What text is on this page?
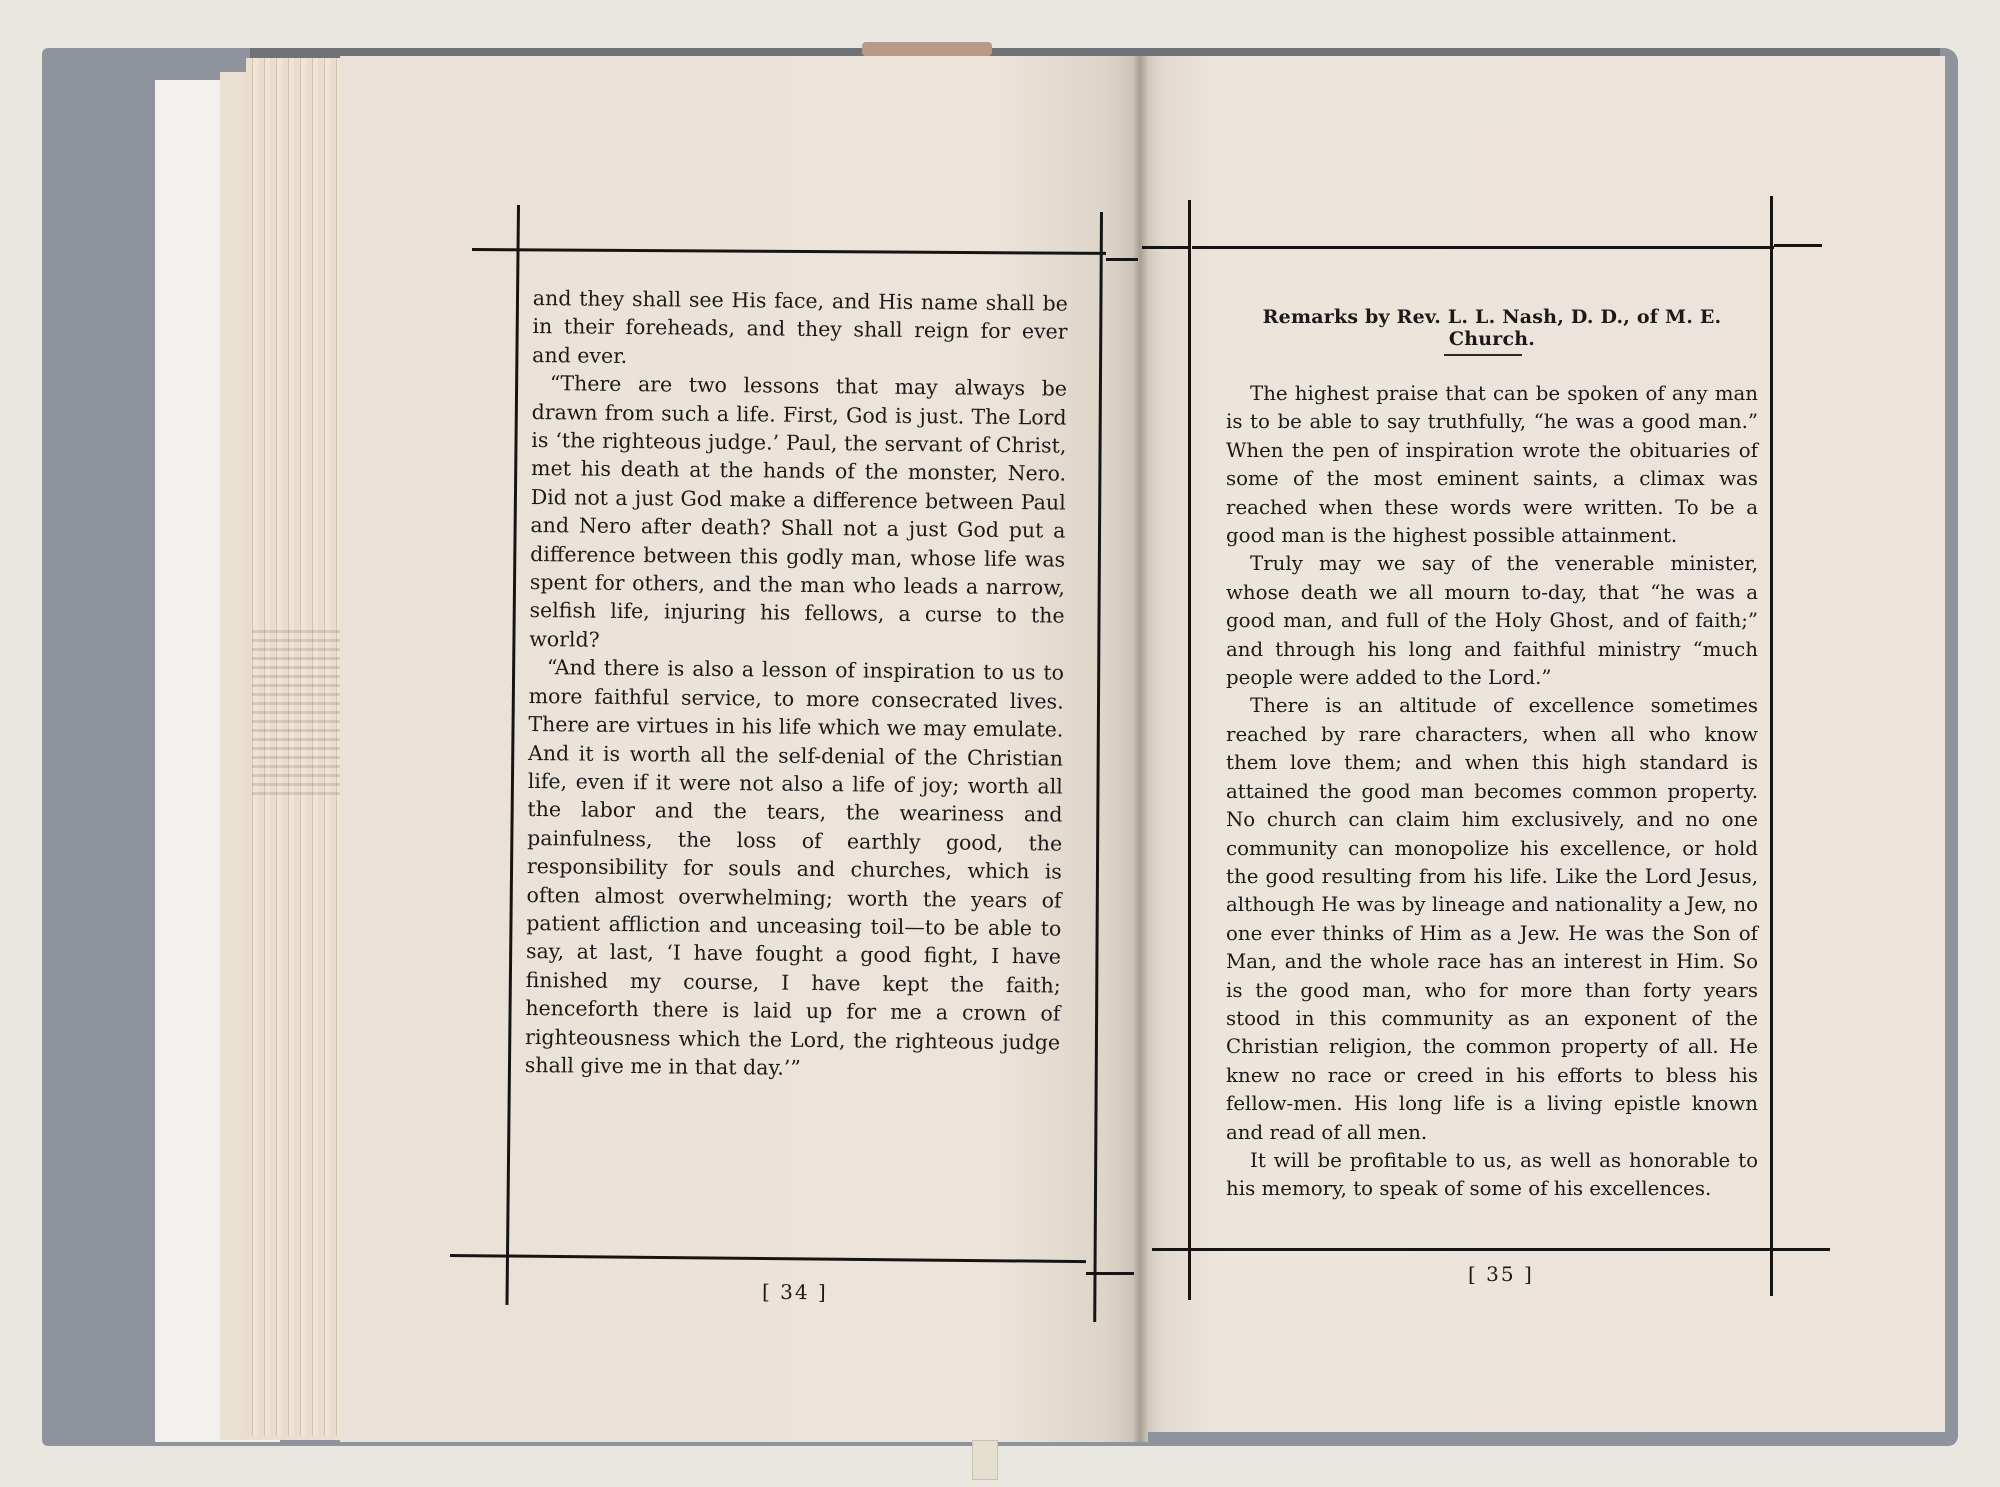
and they shall see His face, and His name shall be in their foreheads, and they shall reign for ever and ever.

“There are two lessons that may always be drawn from such a life. First, God is just. The Lord is ‘the righteous judge.’ Paul, the servant of Christ, met his death at the hands of the monster, Nero. Did not a just God make a difference between Paul and Nero after death? Shall not a just God put a difference between this godly man, whose life was spent for others, and the man who leads a narrow, selfish life, injuring his fellows, a curse to the world?

“And there is also a lesson of inspiration to us to more faithful service, to more consecrated lives. There are virtues in his life which we may emulate. And it is worth all the self-denial of the Christian life, even if it were not also a life of joy; worth all the labor and the tears, the weariness and painfulness, the loss of earthly good, the responsibility for souls and churches, which is often almost overwhelming; worth the years of patient affliction and unceasing toil—to be able to say, at last, ‘I have fought a good fight, I have finished my course, I have kept the faith; henceforth there is laid up for me a crown of righteousness which the Lord, the righteous judge shall give me in that day.’”

[ 34 ]
Remarks by Rev. L. L. Nash, D. D., of M. E. Church.

The highest praise that can be spoken of any man is to be able to say truthfully, “he was a good man.” When the pen of inspiration wrote the obituaries of some of the most eminent saints, a climax was reached when these words were written. To be a good man is the highest possible attainment.

Truly may we say of the venerable minister, whose death we all mourn to-day, that “he was a good man, and full of the Holy Ghost, and of faith;” and through his long and faithful ministry “much people were added to the Lord.”

There is an altitude of excellence sometimes reached by rare characters, when all who know them love them; and when this high standard is attained the good man becomes common property. No church can claim him exclusively, and no one community can monopolize his excellence, or hold the good resulting from his life. Like the Lord Jesus, although He was by lineage and nationality a Jew, no one ever thinks of Him as a Jew. He was the Son of Man, and the whole race has an interest in Him. So is the good man, who for more than forty years stood in this community as an exponent of the Christian religion, the common property of all. He knew no race or creed in his efforts to bless his fellow-men. His long life is a living epistle known and read of all men.

It will be profitable to us, as well as honorable to his memory, to speak of some of his excellences.

[ 35 ]
